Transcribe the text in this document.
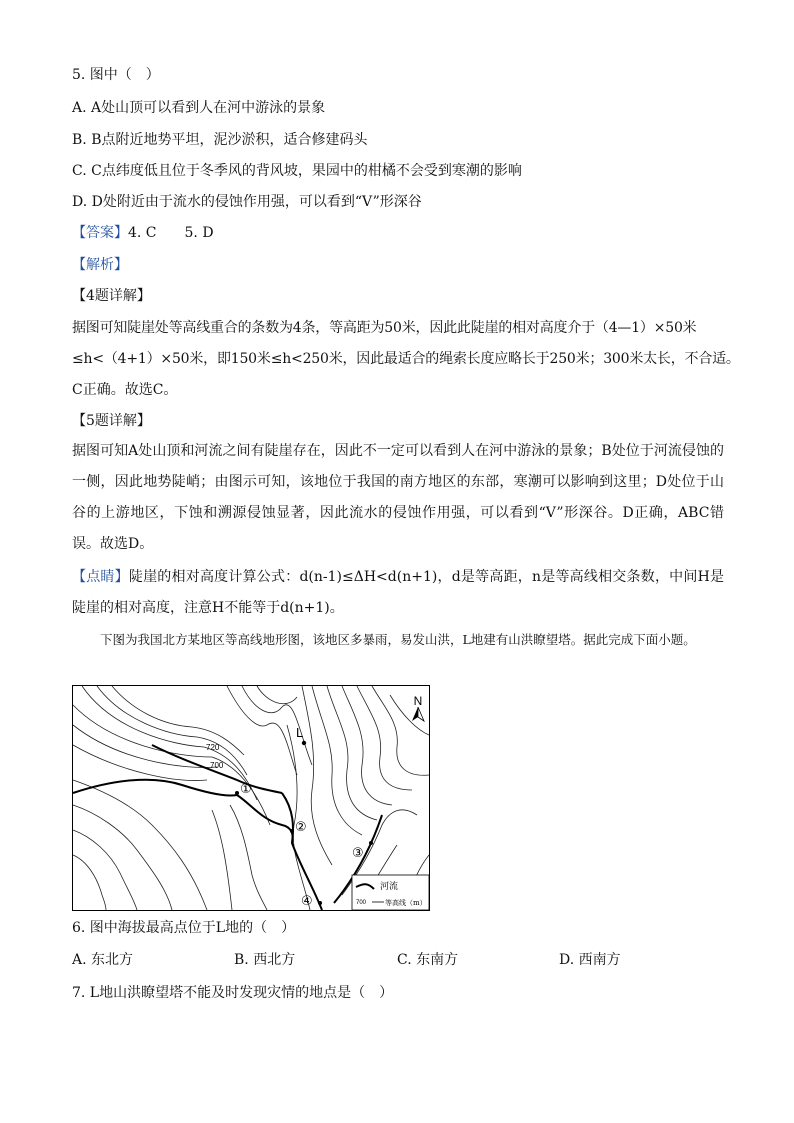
5. 图中（　）
A. A处山顶可以看到人在河中游泳的景象
B. B点附近地势平坦，泥沙淤积，适合修建码头
C. C点纬度低且位于冬季风的背风坡，果园中的柑橘不会受到寒潮的影响
D. D处附近由于流水的侵蚀作用强，可以看到“V”形深谷
【答案】4. C　　5. D
【解析】
【4题详解】
据图可知陡崖处等高线重合的条数为4条，等高距为50米，因此此陡崖的相对高度介于（4—1）×50米
≤h<（4+1）×50米，即150米≤h<250米，因此最适合的绳索长度应略长于250米；300米太长，不合适。
C正确。故选C。
【5题详解】
据图可知A处山顶和河流之间有陡崖存在，因此不一定可以看到人在河中游泳的景象；B处位于河流侵蚀的一侧，因此地势陡峭；由图示可知，该地位于我国的南方地区的东部，寒潮可以影响到这里；D处位于山谷的上游地区，下蚀和溯源侵蚀显著，因此流水的侵蚀作用强，可以看到“V”形深谷。D正确，ABC错误。故选D。
【点睛】陡崖的相对高度计算公式：d(n-1)≤ΔH<d(n+1)，d是等高距，n是等高线相交条数，中间H是陡崖的相对高度，注意H不能等于d(n+1)。
下图为我国北方某地区等高线地形图，该地区多暴雨，易发山洪，L地建有山洪瞭望塔。据此完成下面小题。
N
L
720
700
①
②
③
④
河流
700	等高线（m）
6. 图中海拔最高点位于L地的（　）
A. 东北方	B. 西北方	C. 东南方	D. 西南方
7. L地山洪瞭望塔不能及时发现灾情的地点是（　）
